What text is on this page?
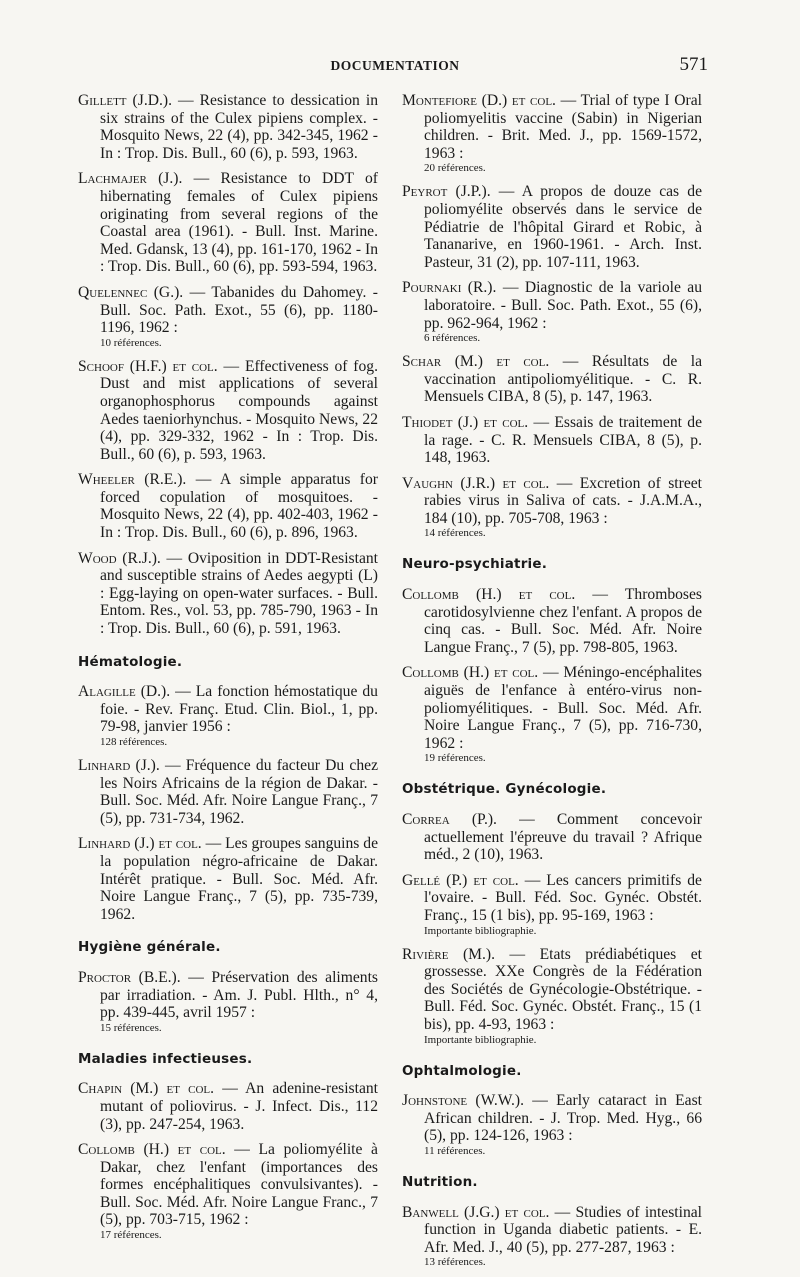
DOCUMENTATION	571

Gillett (J.D.). — Resistance to dessication in six strains of the Culex pipiens complex. - Mosquito News, 22 (4), pp. 342-345, 1962 - In : Trop. Dis. Bull., 60 (6), p. 593, 1963.

Lachmajer (J.). — Resistance to DDT of hibernating females of Culex pipiens originating from several regions of the Coastal area (1961). - Bull. Inst. Marine. Med. Gdansk, 13 (4), pp. 161-170, 1962 - In : Trop. Dis. Bull., 60 (6), pp. 593-594, 1963.

Quelennec (G.). — Tabanides du Dahomey. - Bull. Soc. Path. Exot., 55 (6), pp. 1180-1196, 1962 :
10 références.

Schoof (H.F.) et col. — Effectiveness of fog. Dust and mist applications of several organophosphorus compounds against Aedes taeniorhynchus. - Mosquito News, 22 (4), pp. 329-332, 1962 - In : Trop. Dis. Bull., 60 (6), p. 593, 1963.

Wheeler (R.E.). — A simple apparatus for forced copulation of mosquitoes. - Mosquito News, 22 (4), pp. 402-403, 1962 - In : Trop. Dis. Bull., 60 (6), p. 896, 1963.

Wood (R.J.). — Oviposition in DDT-Resistant and susceptible strains of Aedes aegypti (L) : Egg-laying on open-water surfaces. - Bull. Entom. Res., vol. 53, pp. 785-790, 1963 - In : Trop. Dis. Bull., 60 (6), p. 591, 1963.

Hématologie.

Alagille (D.). — La fonction hémostatique du foie. - Rev. Franç. Etud. Clin. Biol., 1, pp. 79-98, janvier 1956 :
128 références.

Linhard (J.). — Fréquence du facteur Du chez les Noirs Africains de la région de Dakar. - Bull. Soc. Méd. Afr. Noire Langue Franç., 7 (5), pp. 731-734, 1962.

Linhard (J.) et col. — Les groupes sanguins de la population négro-africaine de Dakar. Intérêt pratique. - Bull. Soc. Méd. Afr. Noire Langue Franç., 7 (5), pp. 735-739, 1962.

Hygiène générale.

Proctor (B.E.). — Préservation des aliments par irradiation. - Am. J. Publ. Hlth., n° 4, pp. 439-445, avril 1957 :
15 références.

Maladies infectieuses.

Chapin (M.) et col. — An adenine-resistant mutant of poliovirus. - J. Infect. Dis., 112 (3), pp. 247-254, 1963.

Collomb (H.) et col. — La poliomyélite à Dakar, chez l'enfant (importances des formes encéphalitiques convulsivantes). - Bull. Soc. Méd. Afr. Noire Langue Franc., 7 (5), pp. 703-715, 1962 :
17 références.

Montefiore (D.) et col. — Trial of type I Oral poliomyelitis vaccine (Sabin) in Nigerian children. - Brit. Med. J., pp. 1569-1572, 1963 :
20 références.

Peyrot (J.P.). — A propos de douze cas de poliomyélite observés dans le service de Pédiatrie de l'hôpital Girard et Robic, à Tananarive, en 1960-1961. - Arch. Inst. Pasteur, 31 (2), pp. 107-111, 1963.

Pournaki (R.). — Diagnostic de la variole au laboratoire. - Bull. Soc. Path. Exot., 55 (6), pp. 962-964, 1962 :
6 références.

Schar (M.) et col. — Résultats de la vaccination antipoliomyélitique. - C. R. Mensuels CIBA, 8 (5), p. 147, 1963.

Thiodet (J.) et col. — Essais de traitement de la rage. - C. R. Mensuels CIBA, 8 (5), p. 148, 1963.

Vaughn (J.R.) et col. — Excretion of street rabies virus in Saliva of cats. - J.A.M.A., 184 (10), pp. 705-708, 1963 :
14 références.

Neuro-psychiatrie.

Collomb (H.) et col. — Thromboses carotidosylvienne chez l'enfant. A propos de cinq cas. - Bull. Soc. Méd. Afr. Noire Langue Franç., 7 (5), pp. 798-805, 1963.

Collomb (H.) et col. — Méningo-encéphalites aiguës de l'enfance à entéro-virus non-poliomyélitiques. - Bull. Soc. Méd. Afr. Noire Langue Franç., 7 (5), pp. 716-730, 1962 :
19 références.

Obstétrique. Gynécologie.

Correa (P.). — Comment concevoir actuellement l'épreuve du travail ? Afrique méd., 2 (10), 1963.

Gellé (P.) et col. — Les cancers primitifs de l'ovaire. - Bull. Féd. Soc. Gynéc. Obstét. Franç., 15 (1 bis), pp. 95-169, 1963 :
Importante bibliographie.

Rivière (M.). — Etats prédiabétiques et grossesse. XXe Congrès de la Fédération des Sociétés de Gynécologie-Obstétrique. - Bull. Féd. Soc. Gynéc. Obstét. Franç., 15 (1 bis), pp. 4-93, 1963 :
Importante bibliographie.

Ophtalmologie.

Johnstone (W.W.). — Early cataract in East African children. - J. Trop. Med. Hyg., 66 (5), pp. 124-126, 1963 :
11 références.

Nutrition.

Banwell (J.G.) et col. — Studies of intestinal function in Uganda diabetic patients. - E. Afr. Med. J., 40 (5), pp. 277-287, 1963 :
13 références.
